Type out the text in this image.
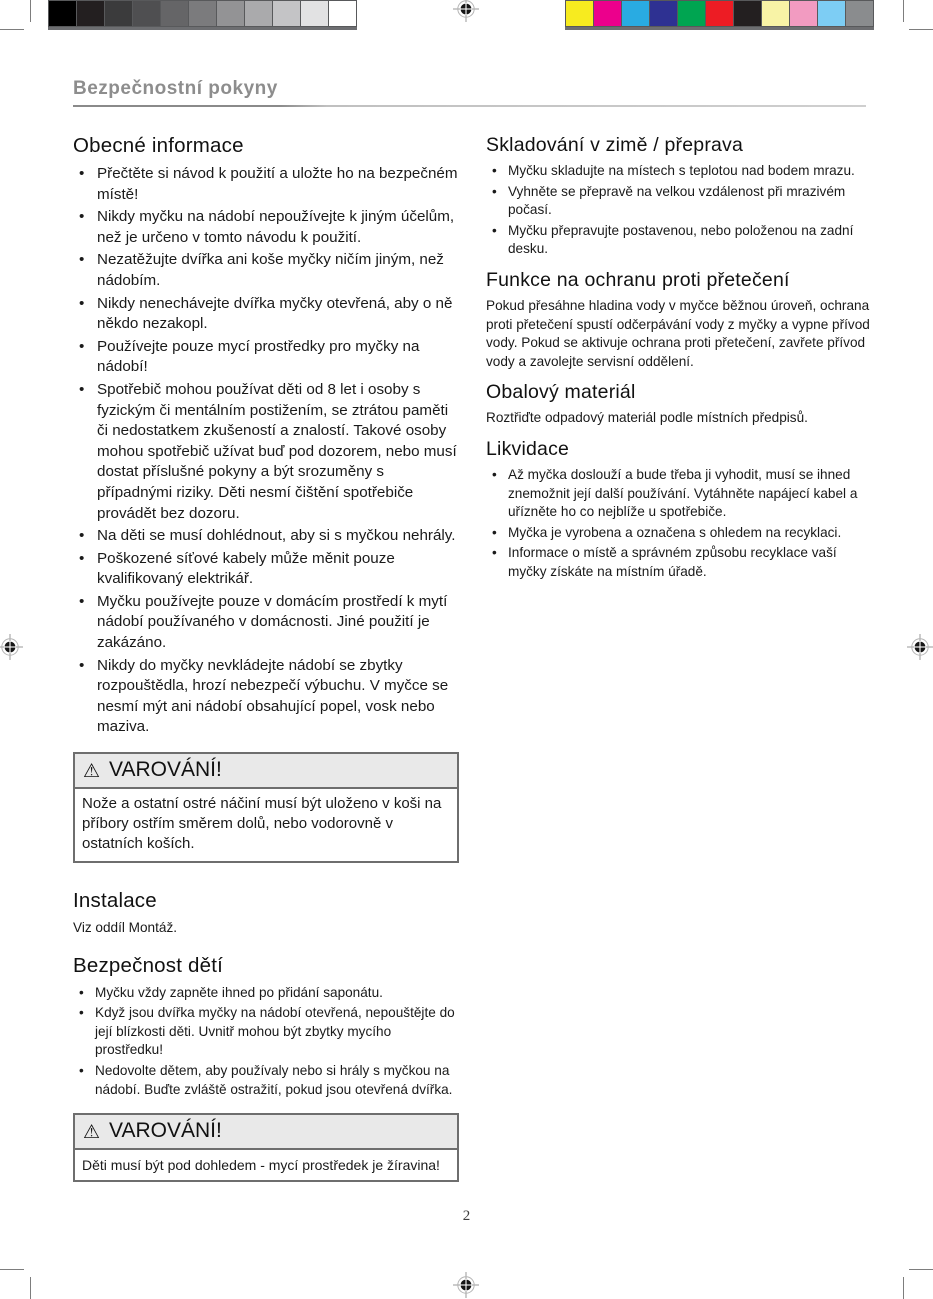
Bezpečnostní pokyny
Obecné informace
• Přečtěte si návod k použití a uložte ho na bezpečném místě!
• Nikdy myčku na nádobí nepoužívejte k jiným účelům, než je určeno v tomto návodu k použití.
• Nezatěžujte dvířka ani koše myčky ničím jiným, než nádobím.
• Nikdy nenechávejte dvířka myčky otevřená, aby o ně někdo nezakopl.
• Používejte pouze mycí prostředky pro myčky na nádobí!
• Spotřebič mohou používat děti od 8 let i osoby s fyzickým či mentálním postižením, se ztrátou paměti či nedostatkem zkušeností a znalostí. Takové osoby mohou spotřebič užívat buď pod dozorem, nebo musí dostat příslušné pokyny a být srozuměny s případnými riziky. Děti nesmí čištění spotřebiče provádět bez dozoru.
• Na děti se musí dohlédnout, aby si s myčkou nehrály.
• Poškozené síťové kabely může měnit pouze kvalifikovaný elektrikář.
• Myčku používejte pouze v domácím prostředí k mytí nádobí používaného v domácnosti. Jiné použití je zakázáno.
• Nikdy do myčky nevkládejte nádobí se zbytky rozpouštědla, hrozí nebezpečí výbuchu. V myčce se nesmí mýt ani nádobí obsahující popel, vosk nebo maziva.
⚠ VAROVÁNÍ!
Nože a ostatní ostré náčiní musí být uloženo v koši na příbory ostřím směrem dolů, nebo vodorovně v ostatních koších.
Instalace

Viz oddíl Montáž.

Bezpečnost dětí
• Myčku vždy zapněte ihned po přidání saponátu.
• Když jsou dvířka myčky na nádobí otevřená, nepouštějte do její blízkosti děti. Uvnitř mohou být zbytky mycího prostředku!
• Nedovolte dětem, aby používaly nebo si hrály s myčkou na nádobí. Buďte zvláště ostražití, pokud jsou otevřená dvířka.
⚠ VAROVÁNÍ!
Děti musí být pod dohledem - mycí prostředek je žíravina!
Skladování v zimě / přeprava
• Myčku skladujte na místech s teplotou nad bodem mrazu.
• Vyhněte se přepravě na velkou vzdálenost při mrazivém počasí.
• Myčku přepravujte postavenou, nebo položenou na zadní desku.
Funkce na ochranu proti přetečení

Pokud přesáhne hladina vody v myčce běžnou úroveň, ochrana proti přetečení spustí odčerpávání vody z myčky a vypne přívod vody. Pokud se aktivuje ochrana proti přetečení, zavřete přívod vody a zavolejte servisní oddělení.

Obalový materiál

Roztřiďte odpadový materiál podle místních předpisů.

Likvidace
• Až myčka doslouží a bude třeba ji vyhodit, musí se ihned znemožnit její další používání. Vytáhněte napájecí kabel a uřízněte ho co nejblíže u spotřebiče.
• Myčka je vyrobena a označena s ohledem na recyklaci.
• Informace o místě a správném způsobu recyklace vaší myčky získáte na místním úřadě.
2
